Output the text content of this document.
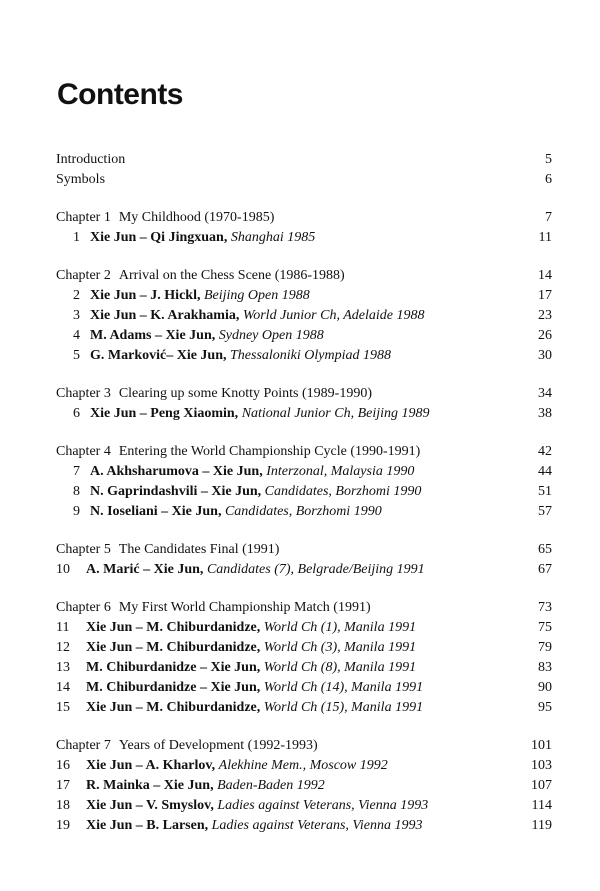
Contents
Introduction	5
Symbols	6
Chapter 1 My Childhood (1970-1985)	7
1 Xie Jun – Qi Jingxuan, Shanghai 1985	11
Chapter 2 Arrival on the Chess Scene (1986-1988)	14
2 Xie Jun – J. Hickl, Beijing Open 1988	17
3 Xie Jun – K. Arakhamia, World Junior Ch, Adelaide 1988	23
4 M. Adams – Xie Jun, Sydney Open 1988	26
5 G. Marković– Xie Jun, Thessaloniki Olympiad 1988	30
Chapter 3 Clearing up some Knotty Points (1989-1990)	34
6 Xie Jun – Peng Xiaomin, National Junior Ch, Beijing 1989	38
Chapter 4 Entering the World Championship Cycle (1990-1991)	42
7 A. Akhsharumova – Xie Jun, Interzonal, Malaysia 1990	44
8 N. Gaprindashvili – Xie Jun, Candidates, Borzhomi 1990	51
9 N. Ioseliani – Xie Jun, Candidates, Borzhomi 1990	57
Chapter 5 The Candidates Final (1991)	65
10 A. Marić – Xie Jun, Candidates (7), Belgrade/Beijing 1991	67
Chapter 6 My First World Championship Match (1991)	73
11 Xie Jun – M. Chiburdanidze, World Ch (1), Manila 1991	75
12 Xie Jun – M. Chiburdanidze, World Ch (3), Manila 1991	79
13 M. Chiburdanidze – Xie Jun, World Ch (8), Manila 1991	83
14 M. Chiburdanidze – Xie Jun, World Ch (14), Manila 1991	90
15 Xie Jun – M. Chiburdanidze, World Ch (15), Manila 1991	95
Chapter 7 Years of Development (1992-1993)	101
16 Xie Jun – A. Kharlov, Alekhine Mem., Moscow 1992	103
17 R. Mainka – Xie Jun, Baden-Baden 1992	107
18 Xie Jun – V. Smyslov, Ladies against Veterans, Vienna 1993	114
19 Xie Jun – B. Larsen, Ladies against Veterans, Vienna 1993	119
